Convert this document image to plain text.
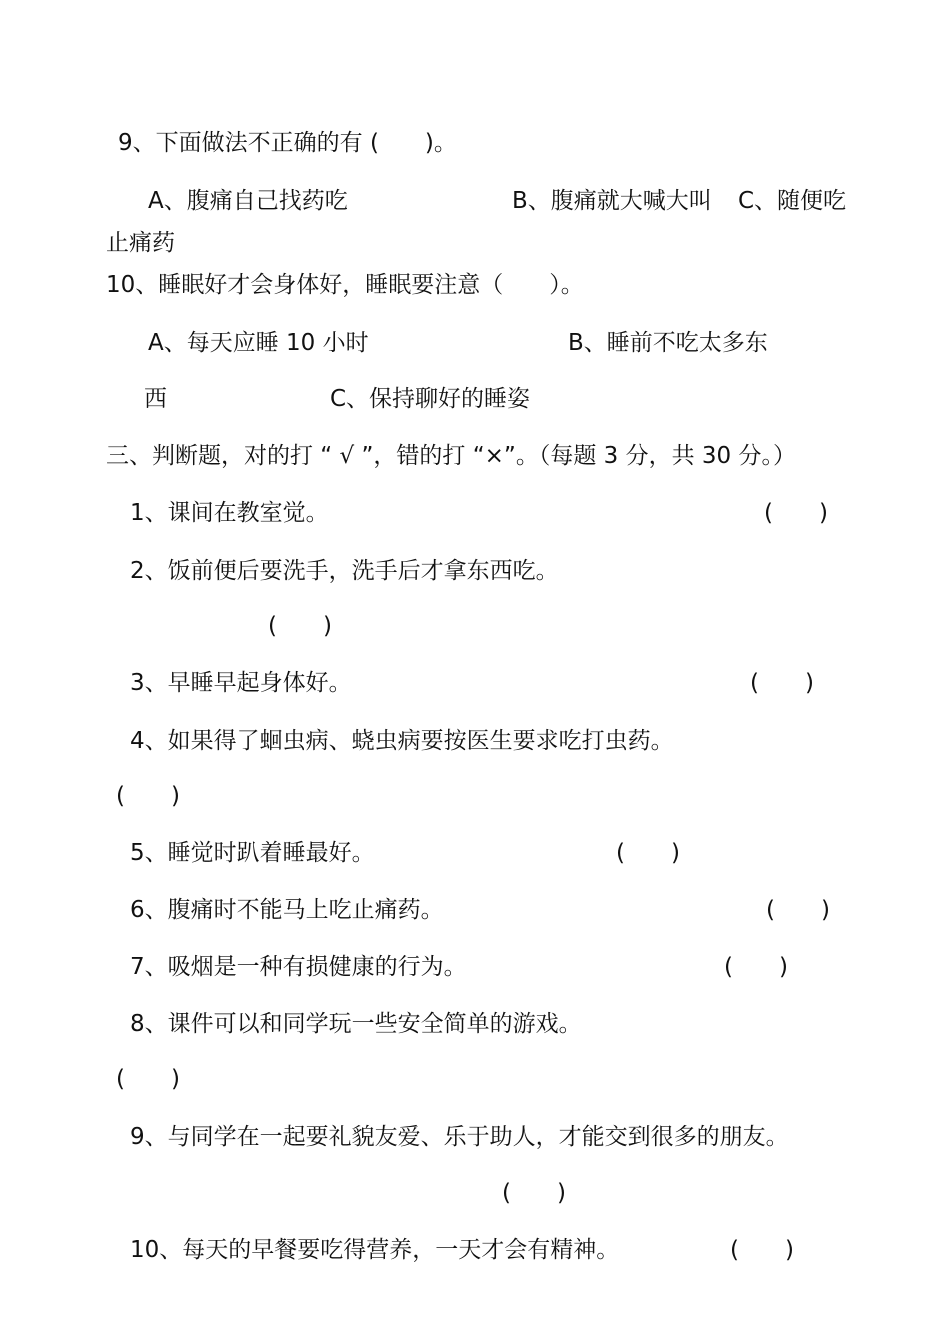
9、下面做法不正确的有 (　　)。
A、腹痛自己找药吃	B、腹痛就大喊大叫 C、随便吃
止痛药
10、睡眠好才会身体好，睡眠要注意（　　）。
A、每天应睡 10 小时	B、睡前不吃太多东
西	C、保持聊好的睡姿
三、判断题，对的打 “ √ ”，错的打 “×”。（每题 3 分，共 30 分。）
1、课间在教室觉。	(　　)
2、饭前便后要洗手，洗手后才拿东西吃。
(　　)
3、早睡早起身体好。	(　　)
4、如果得了蛔虫病、蛲虫病要按医生要求吃打虫药。
(　　)
5、睡觉时趴着睡最好。	(　　)
6、腹痛时不能马上吃止痛药。	(　　)
7、吸烟是一种有损健康的行为。	(　　)
8、课件可以和同学玩一些安全简单的游戏。
(　　)
9、与同学在一起要礼貌友爱、乐于助人，才能交到很多的朋友。
(　　)
10、每天的早餐要吃得营养，一天才会有精神。	(　　)
